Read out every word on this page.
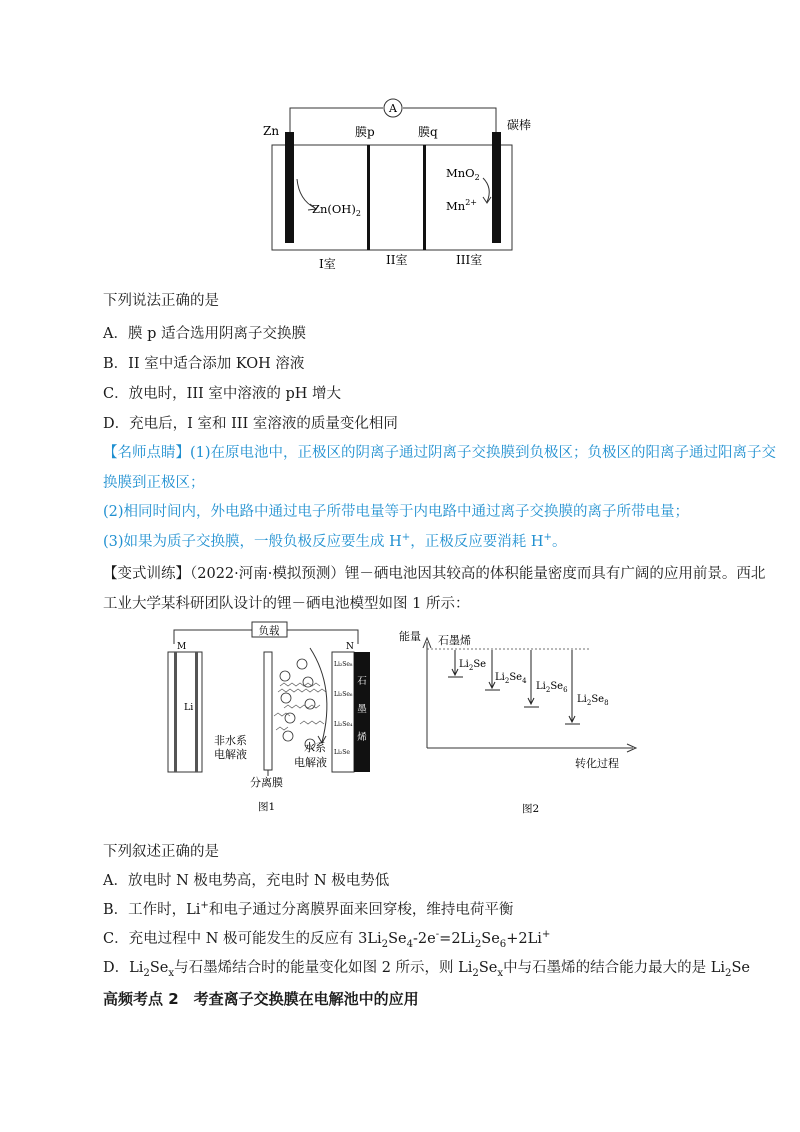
A
Zn	膜p	膜q	碳棒
$Zn(OH)_2$
MnO$_2$
$Mn^{2+}$
I室	II室	III室
下列说法正确的是
A．膜 p 适合选用阴离子交换膜
B．II 室中适合添加 KOH 溶液
C．放电时，III 室中溶液的 pH 增大
D．充电后，I 室和 III 室溶液的质量变化相同
【名师点睛】(1)在原电池中，正极区的阴离子通过阴离子交换膜到负极区；负极区的阳离子通过阳离子交
换膜到正极区；
(2)相同时间内，外电路中通过电子所带电量等于内电路中通过离子交换膜的离子所带电量；
(3)如果为质子交换膜，一般负极反应要生成 H+，正极反应要消耗 H+。
【变式训练】（2022·河南·模拟预测）锂－硒电池因其较高的体积能量密度而具有广阔的应用前景。西北
工业大学某科研团队设计的锂－硒电池模型如图 1 所示：
负载
M	N
Li
石
墨
烯
Li₂Se₈
Li₂Se₆
Li₂Se₄
Li₂Se
非水系
电解液
水系
电解液
分离膜
图1
能量
转化过程
石墨烯
$Li_2Se$
$Li_2Se_4$ $Li_2Se_6$
$Li_2Se_8$
图2
下列叙述正确的是
A．放电时 N 极电势高，充电时 N 极电势低
B．工作时，Li+和电子通过分离膜界面来回穿梭，维持电荷平衡
C．充电过程中 N 极可能发生的反应有 $3Li_2Se_4-2e^-=2Li_2Se_6+2Li^+$
D．$Li_2Se_x$与石墨烯结合时的能量变化如图 2 所示，则 $Li_2Se_x$中与石墨烯的结合能力最大的是 $Li_2Se$
高频考点 2　考查离子交换膜在电解池中的应用
